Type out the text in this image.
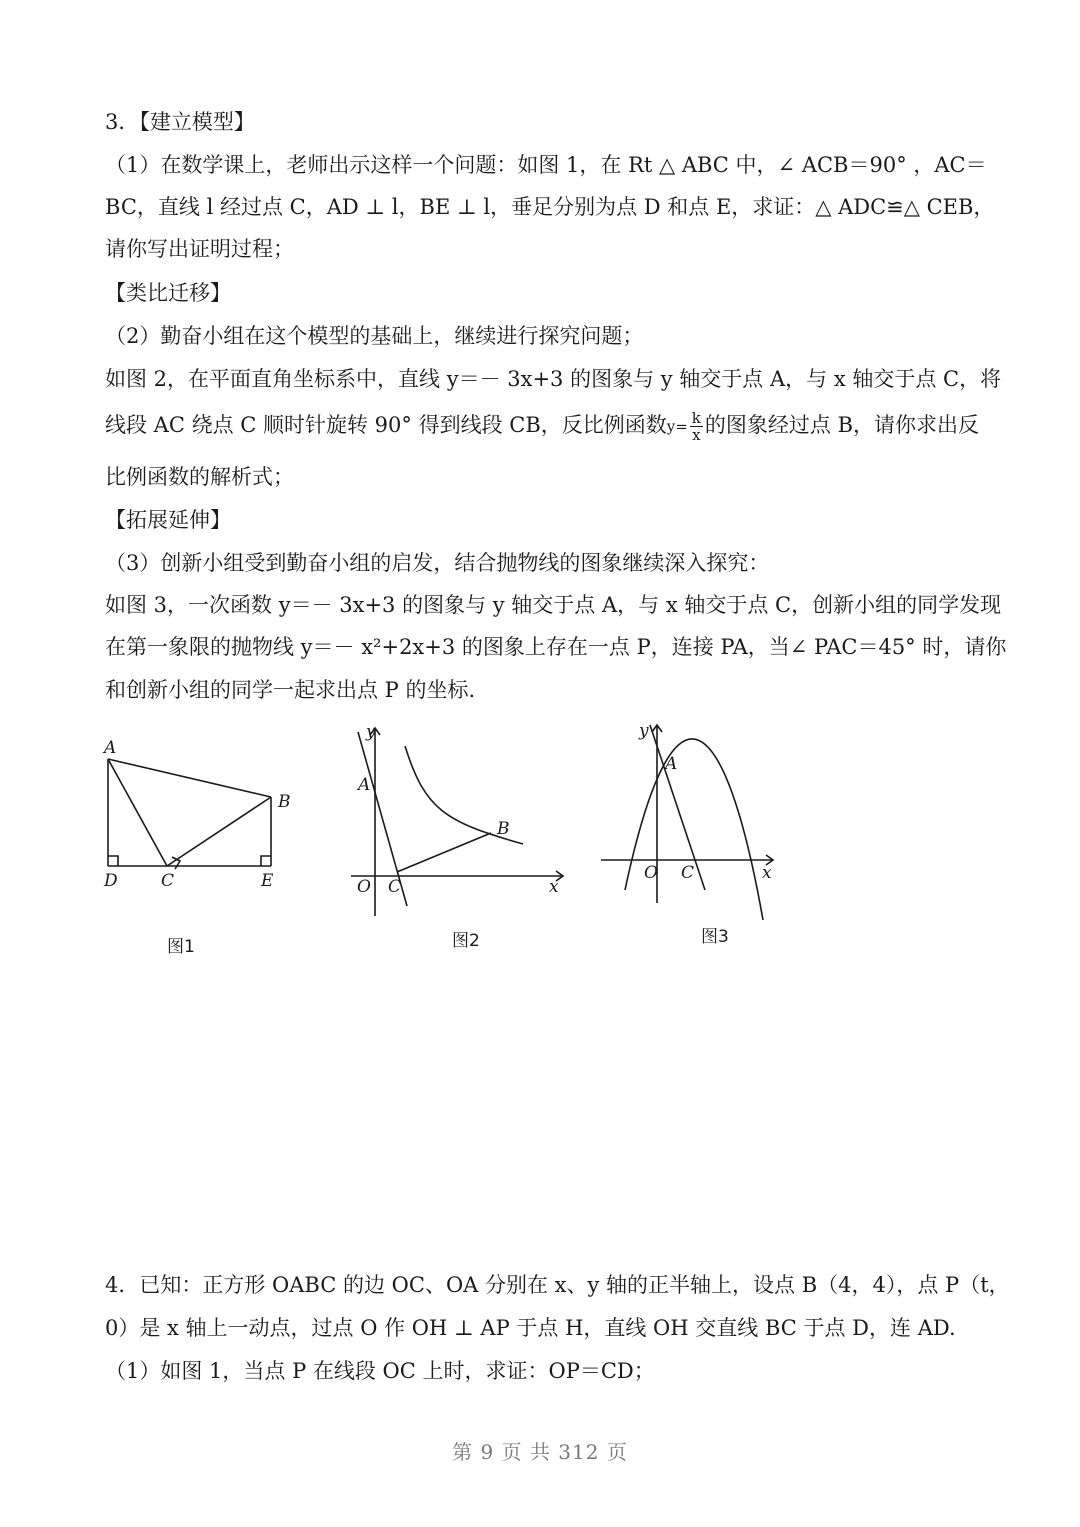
3．【建立模型】
（1）在数学课上，老师出示这样一个问题：如图 1，在 Rt △ ABC 中，∠ ACB＝90° ，AC＝
BC，直线 l 经过点 C，AD ⊥ l，BE ⊥ l，垂足分别为点 D 和点 E，求证：△ ADC≌△ CEB，
请你写出证明过程；
【类比迁移】
（2）勤奋小组在这个模型的基础上，继续进行探究问题；
如图 2，在平面直角坐标系中，直线 y＝－ 3x+3 的图象与 y 轴交于点 A，与 x 轴交于点 C，将
线段 AC 绕点 C 顺时针旋转 90° 得到线段 CB，反比例函数$y= \frac{k}{x}$ 的图象经过点 B，请你求出反
比例函数的解析式；
【拓展延伸】
（3）创新小组受到勤奋小组的启发，结合抛物线的图象继续深入探究：
如图 3，一次函数 y＝－ 3x+3 的图象与 y 轴交于点 A，与 x 轴交于点 C，创新小组的同学发现
在第一象限的抛物线 y＝－ x²+2x+3 的图象上存在一点 P，连接 PA，当∠ PAC＝45° 时，请你
和创新小组的同学一起求出点 P 的坐标.
A
B
D	C	E
图1
y
A
B
O C	x
图2
y
A
O C	x
图3
4．已知：正方形 OABC 的边 OC、OA 分别在 x、y 轴的正半轴上，设点 B（4，4），点 P（t，
0）是 x 轴上一动点，过点 O 作 OH ⊥ AP 于点 H，直线 OH 交直线 BC 于点 D，连 AD.
（1）如图 1，当点 P 在线段 OC 上时，求证：OP＝CD；
第 9 页 共 312 页
